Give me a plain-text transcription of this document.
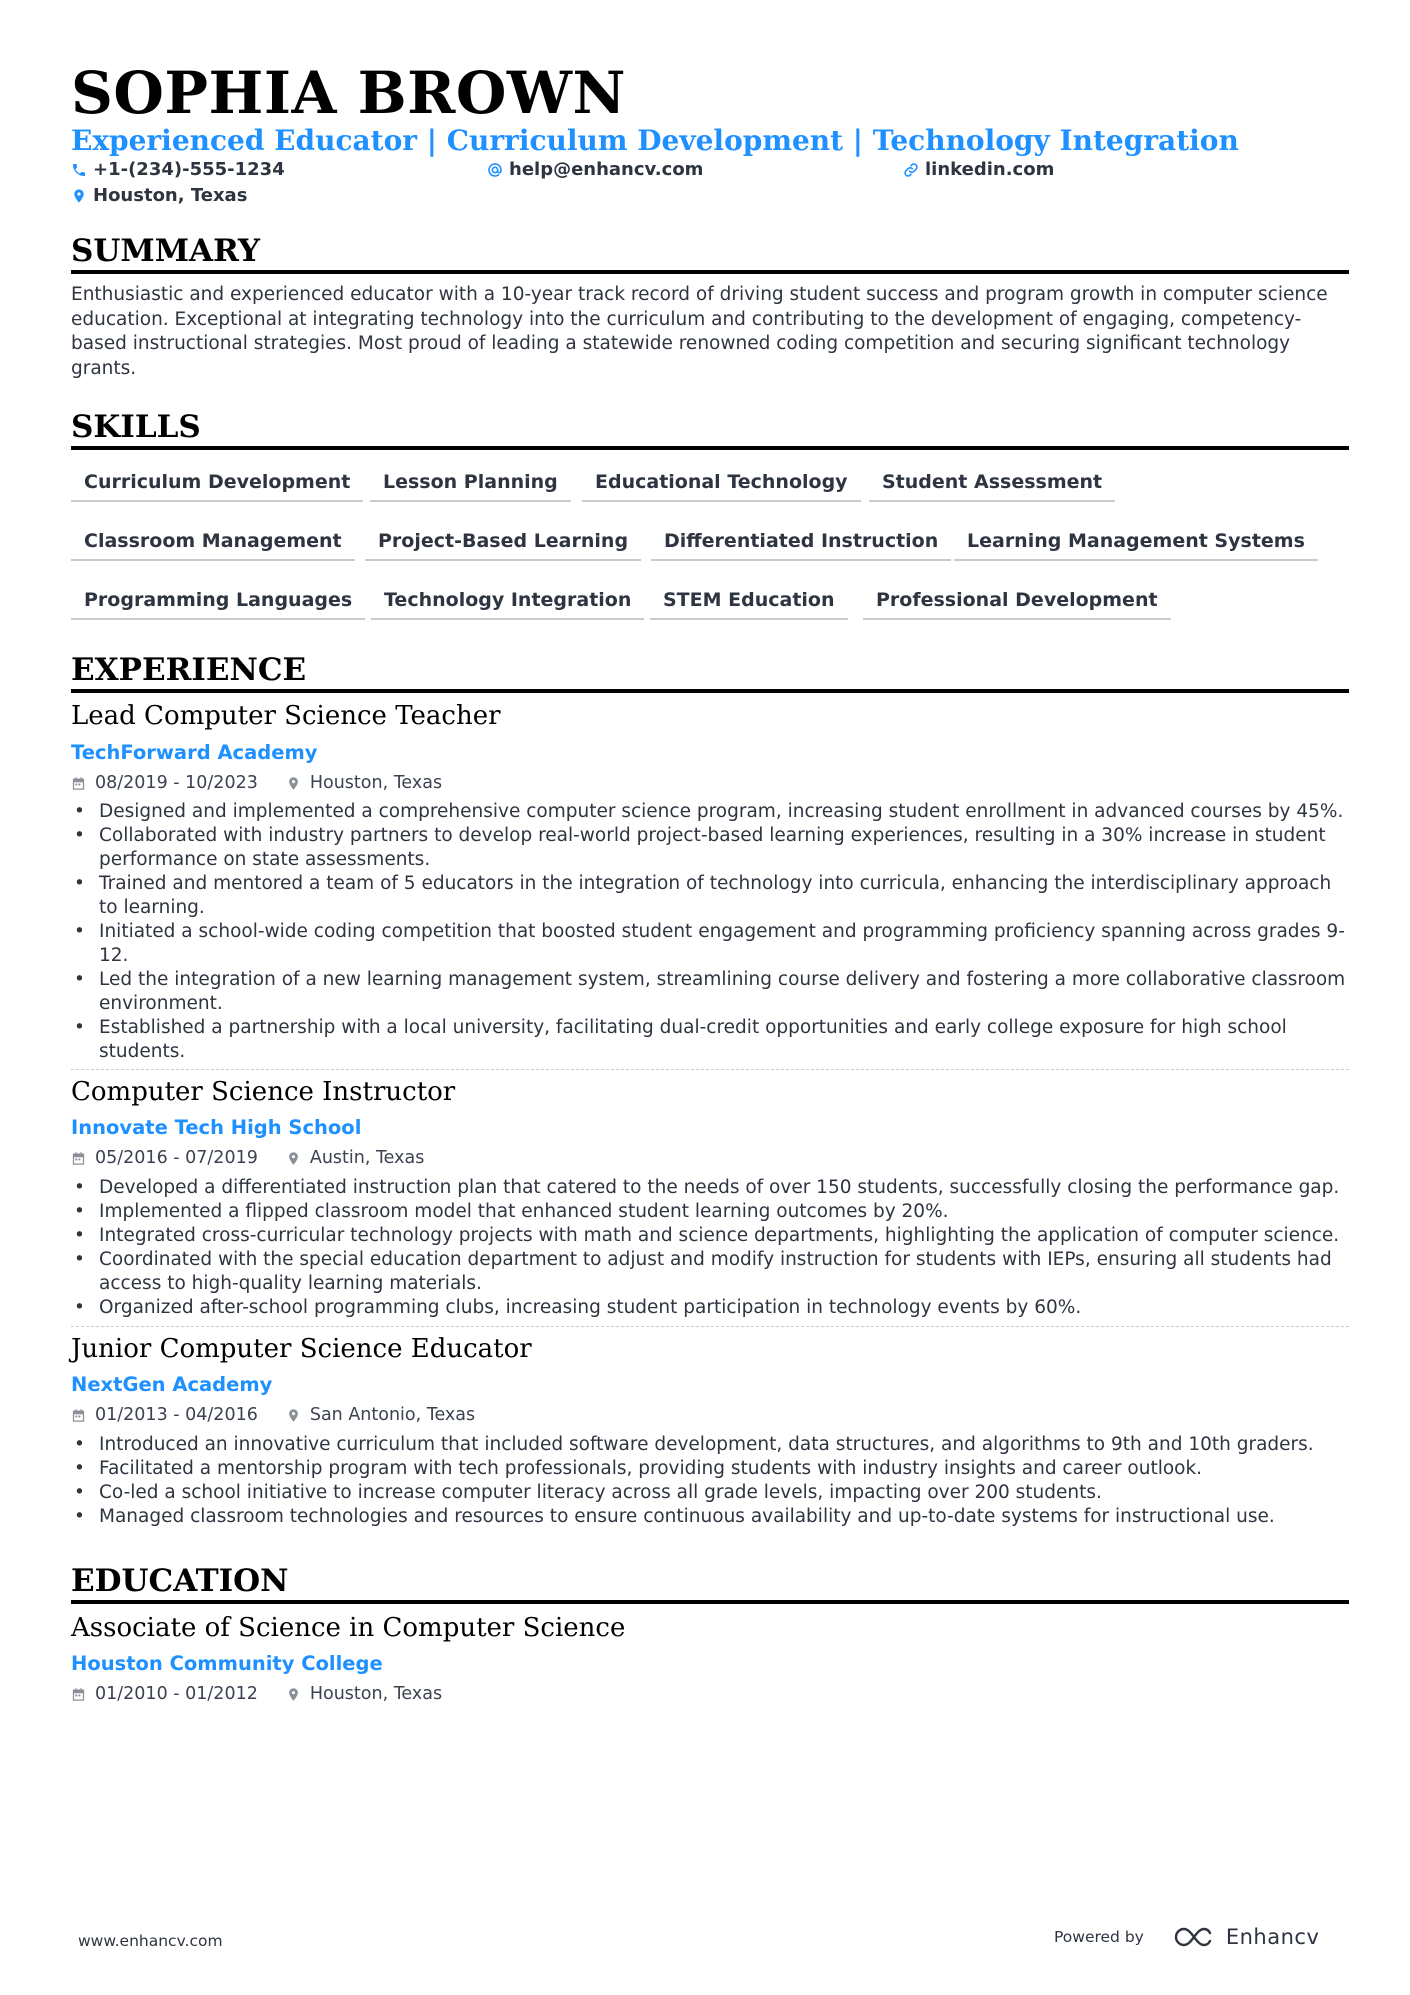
SOPHIA BROWN
Experienced Educator | Curriculum Development | Technology Integration
+1-(234)-555-1234	help@enhancv.com	linkedin.com
Houston, Texas
SUMMARY

Enthusiastic and experienced educator with a 10-year track record of driving student success and program growth in computer science education. Exceptional at integrating technology into the curriculum and contributing to the development of engaging, competency-based instructional strategies. Most proud of leading a statewide renowned coding competition and securing significant technology grants.

SKILLS
Curriculum Development	Lesson Planning	Educational Technology	Student Assessment
Classroom Management	Project-Based Learning	Differentiated Instruction	Learning Management Systems
Programming Languages	Technology Integration	STEM Education	Professional Development
EXPERIENCE
Lead Computer Science Teacher
TechForward Academy
08/2019 - 10/2023	Houston, Texas
• Designed and implemented a comprehensive computer science program, increasing student enrollment in advanced courses by 45%.
• Collaborated with industry partners to develop real-world project-based learning experiences, resulting in a 30% increase in student performance on state assessments.
• Trained and mentored a team of 5 educators in the integration of technology into curricula, enhancing the interdisciplinary approach to learning.
• Initiated a school-wide coding competition that boosted student engagement and programming proficiency spanning across grades 9-12.
• Led the integration of a new learning management system, streamlining course delivery and fostering a more collaborative classroom environment.
• Established a partnership with a local university, facilitating dual-credit opportunities and early college exposure for high school students.
Computer Science Instructor
Innovate Tech High School
05/2016 - 07/2019	Austin, Texas
• Developed a differentiated instruction plan that catered to the needs of over 150 students, successfully closing the performance gap.
• Implemented a flipped classroom model that enhanced student learning outcomes by 20%.
• Integrated cross-curricular technology projects with math and science departments, highlighting the application of computer science.
• Coordinated with the special education department to adjust and modify instruction for students with IEPs, ensuring all students had access to high-quality learning materials.
• Organized after-school programming clubs, increasing student participation in technology events by 60%.
Junior Computer Science Educator
NextGen Academy
01/2013 - 04/2016	San Antonio, Texas
• Introduced an innovative curriculum that included software development, data structures, and algorithms to 9th and 10th graders.
• Facilitated a mentorship program with tech professionals, providing students with industry insights and career outlook.
• Co-led a school initiative to increase computer literacy across all grade levels, impacting over 200 students.
• Managed classroom technologies and resources to ensure continuous availability and up-to-date systems for instructional use.
EDUCATION
Associate of Science in Computer Science
Houston Community College
01/2010 - 01/2012	Houston, Texas
www.enhancv.com	Powered by	Enhancv
